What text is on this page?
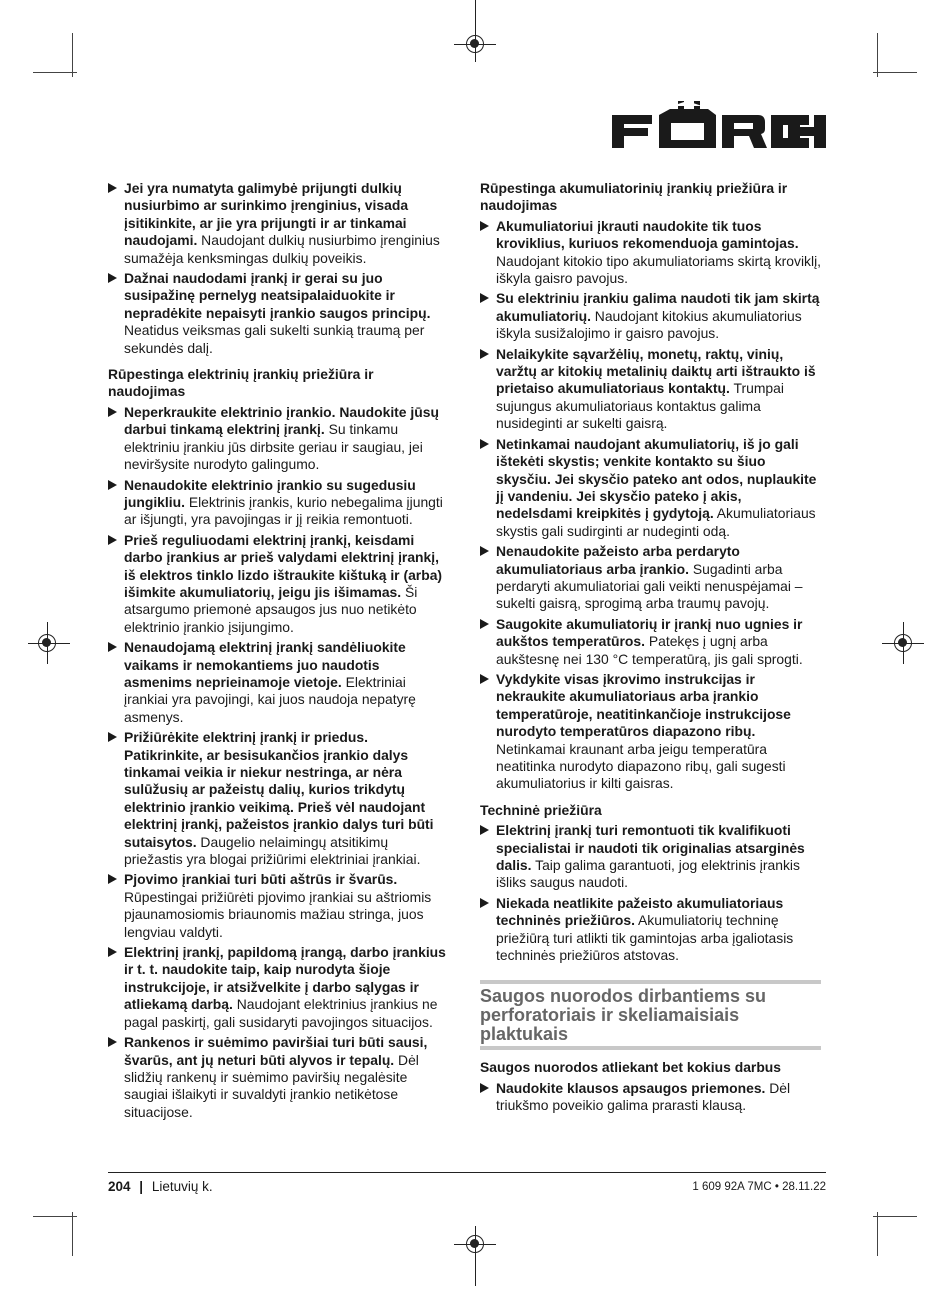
Jei yra numatyta galimybė prijungti dulkių nusiurbimo ar surinkimo įrenginius, visada įsitikinkite, ar jie yra prijungti ir ar tinkamai naudojami. Naudojant dulkių nusiurbimo įrenginius sumažėja kenksmingas dulkių poveikis.
Dažnai naudodami įrankį ir gerai su juo susipažinę pernelyg neatsipalaiduokite ir nepradėkite nepaisyti įrankio saugos principų. Neatidus veiksmas gali sukelti sunkią traumą per sekundės dalį.
Rūpestinga elektrinių įrankių priežiūra ir naudojimas
Neperkraukite elektrinio įrankio. Naudokite jūsų darbui tinkamą elektrinį įrankį. Su tinkamu elektriniu įrankiu jūs dirbsite geriau ir saugiau, jei neviršysite nurodyto galingumo.
Nenaudokite elektrinio įrankio su sugedusiu jungikliu. Elektrinis įrankis, kurio nebegalima įjungti ar išjungti, yra pavojingas ir jį reikia remontuoti.
Prieš reguliuodami elektrinį įrankį, keisdami darbo įrankius ar prieš valydami elektrinį įrankį, iš elektros tinklo lizdo ištraukite kištuką ir (arba) išimkite akumuliatorių, jeigu jis išimamas. Ši atsargumo priemonė apsaugos jus nuo netikėto elektrinio įrankio įsijungimo.
Nenaudojamą elektrinį įrankį sandėliuokite vaikams ir nemokantiems juo naudotis asmenims neprieinamoje vietoje. Elektriniai įrankiai yra pavojingi, kai juos naudoja nepatyrę asmenys.
Prižiūrėkite elektrinį įrankį ir priedus. Patikrinkite, ar besisukančios įrankio dalys tinkamai veikia ir niekur nestringa, ar nėra sulūžusių ar pažeistų dalių, kurios trikdytų elektrinio įrankio veikimą. Prieš vėl naudojant elektrinį įrankį, pažeistos įrankio dalys turi būti sutaisytos. Daugelio nelaimingų atsitikimų priežastis yra blogai prižiūrimi elektriniai įrankiai.
Pjovimo įrankiai turi būti aštrūs ir švarūs. Rūpestingai prižiūrėti pjovimo įrankiai su aštriomis pjaunamosiomis briaunomis mažiau stringa, juos lengviau valdyti.
Elektrinį įrankį, papildomą įrangą, darbo įrankius ir t. t. naudokite taip, kaip nurodyta šioje instrukcijoje, ir atsižvelkite į darbo sąlygas ir atliekamą darbą. Naudojant elektrinius įrankius ne pagal paskirtį, gali susidaryti pavojingos situacijos.
Rankenos ir suėmimo paviršiai turi būti sausi, švarūs, ant jų neturi būti alyvos ir tepalų. Dėl slidžių rankenų ir suėmimo paviršių negalėsite saugiai išlaikyti ir suvaldyti įrankio netikėtose situacijose.
Rūpestinga akumuliatorinių įrankių priežiūra ir naudojimas
Akumuliatoriui įkrauti naudokite tik tuos kroviklius, kuriuos rekomenduoja gamintojas. Naudojant kitokio tipo akumuliatoriams skirtą kroviklį, iškyla gaisro pavojus.
Su elektriniu įrankiu galima naudoti tik jam skirtą akumuliatorių. Naudojant kitokius akumuliatorius iškyla susižalojimo ir gaisro pavojus.
Nelaikykite sąvaržėlių, monetų, raktų, vinių, varžtų ar kitokių metalinių daiktų arti ištraukto iš prietaiso akumuliatoriaus kontaktų. Trumpai sujungus akumuliatoriaus kontaktus galima nusideginti ar sukelti gaisrą.
Netinkamai naudojant akumuliatorių, iš jo gali ištekėti skystis; venkite kontakto su šiuo skysčiu. Jei skysčio pateko ant odos, nuplaukite jį vandeniu. Jei skysčio pateko į akis, nedelsdami kreipkitės į gydytoją. Akumuliatoriaus skystis gali sudirginti ar nudeginti odą.
Nenaudokite pažeisto arba perdaryto akumuliatoriaus arba įrankio. Sugadinti arba perdaryti akumuliatoriai gali veikti nenuspėjamai – sukelti gaisrą, sprogimą arba traumų pavojų.
Saugokite akumuliatorių ir įrankį nuo ugnies ir aukštos temperatūros. Patekęs į ugnį arba aukštesnę nei 130 °C temperatūrą, jis gali sprogti.
Vykdykite visas įkrovimo instrukcijas ir nekraukite akumuliatoriaus arba įrankio temperatūroje, neatitinkančioje instrukcijose nurodyto temperatūros diapazono ribų. Netinkamai kraunant arba jeigu temperatūra neatitinka nurodyto diapazono ribų, gali sugesti akumuliatorius ir kilti gaisras.
Techninė priežiūra
Elektrinį įrankį turi remontuoti tik kvalifikuoti specialistai ir naudoti tik originalias atsarginės dalis. Taip galima garantuoti, jog elektrinis įrankis išliks saugus naudoti.
Niekada neatlikite pažeisto akumuliatoriaus techninės priežiūros. Akumuliatorių techninę priežiūrą turi atlikti tik gamintojas arba įgaliotasis techninės priežiūros atstovas.
Saugos nuorodos dirbantiems su perforatoriais ir skeliamaisiais plaktukais
Saugos nuorodos atliekant bet kokius darbus
Naudokite klausos apsaugos priemones. Dėl triukšmo poveikio galima prarasti klausą.
204 | Lietuvių k.	1 609 92A 7MC • 28.11.22
